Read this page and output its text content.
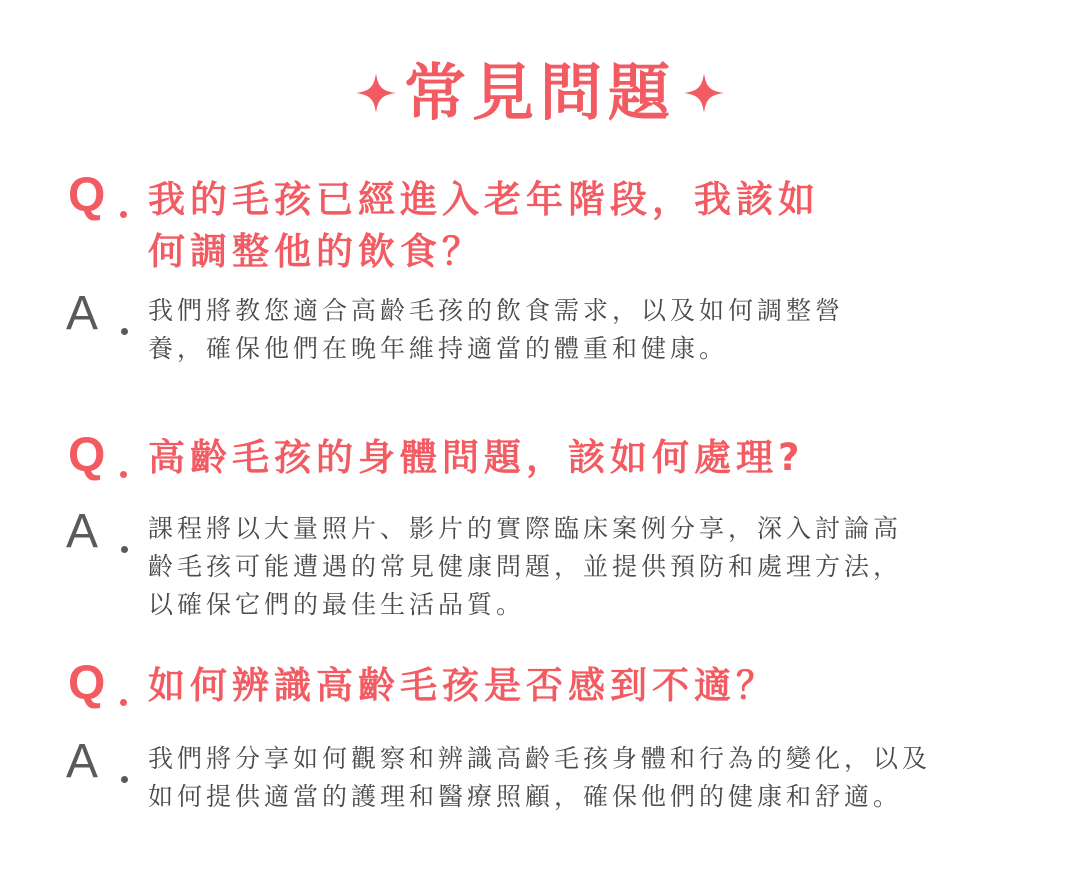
常見問題
Q 我的毛孩已經進入老年階段，我該如
何調整他的飲食？
A 我們將教您適合高齡毛孩的飲食需求，以及如何調整營
養，確保他們在晚年維持適當的體重和健康。
Q 高齡毛孩的身體問題，該如何處理?
A 課程將以大量照片、影片的實際臨床案例分享，深入討論高
齡毛孩可能遭遇的常見健康問題，並提供預防和處理方法，
以確保它們的最佳生活品質。
Q 如何辨識高齡毛孩是否感到不適？
A 我們將分享如何觀察和辨識高齡毛孩身體和行為的變化，以及
如何提供適當的護理和醫療照顧，確保他們的健康和舒適。
